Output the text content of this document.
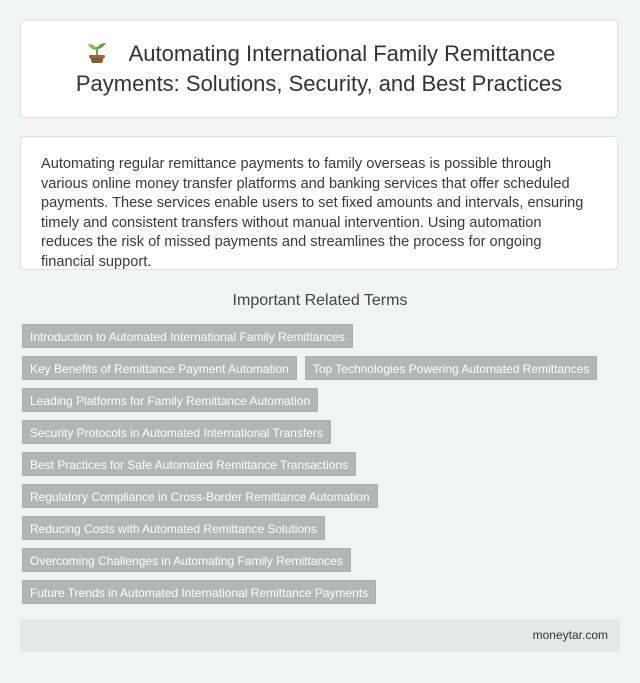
Automating International Family Remittance Payments: Solutions, Security, and Best Practices

Automating regular remittance payments to family overseas is possible through various online money transfer platforms and banking services that offer scheduled payments. These services enable users to set fixed amounts and intervals, ensuring timely and consistent transfers without manual intervention. Using automation reduces the risk of missed payments and streamlines the process for ongoing financial support.

Important Related Terms
Introduction to Automated International Family Remittances
Key Benefits of Remittance Payment Automation	Top Technologies Powering Automated Remittances
Leading Platforms for Family Remittance Automation
Security Protocols in Automated International Transfers
Best Practices for Safe Automated Remittance Transactions
Regulatory Compliance in Cross-Border Remittance Automation
Reducing Costs with Automated Remittance Solutions
Overcoming Challenges in Automating Family Remittances
Future Trends in Automated International Remittance Payments
moneytar.com
